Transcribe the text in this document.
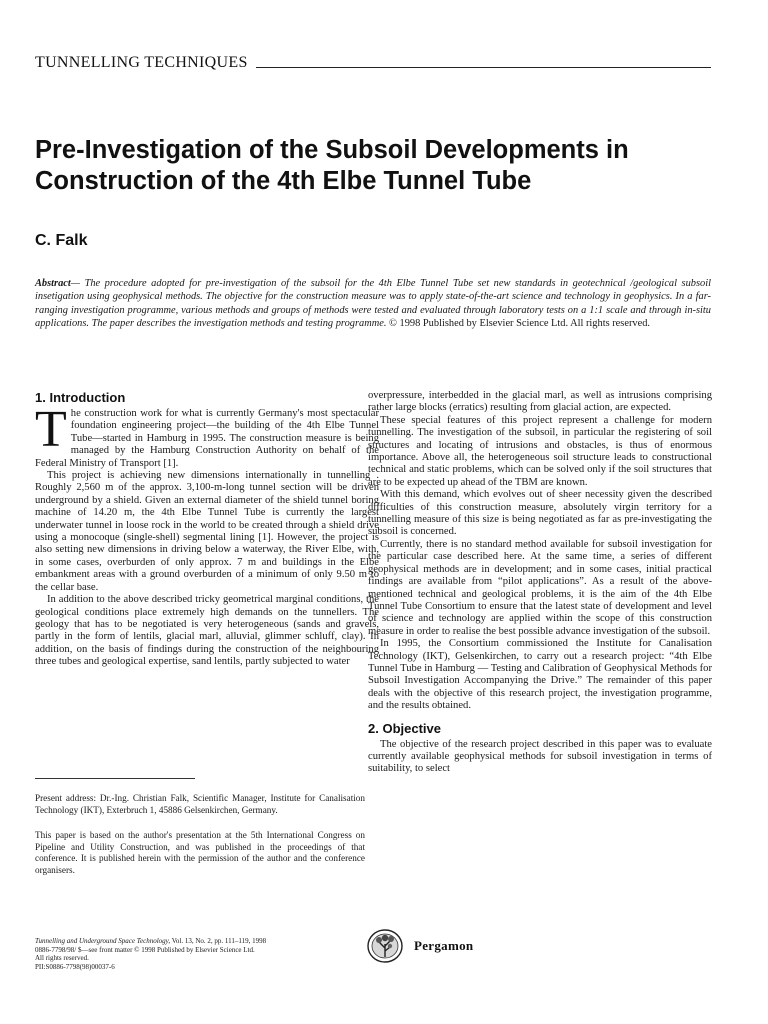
TUNNELLING TECHNIQUES
Pre-Investigation of the Subsoil Developments in Construction of the 4th Elbe Tunnel Tube
C. Falk
Abstract— The procedure adopted for pre-investigation of the subsoil for the 4th Elbe Tunnel Tube set new standards in geotechnical /geological subsoil insetigation using geophysical methods. The objective for the construction measure was to apply state-of-the-art science and technology in geophysics. In a far-ranging investigation programme, various methods and groups of methods were tested and evaluated through laboratory tests on a 1:1 scale and through in-situ applications. The paper describes the investigation methods and testing programme. © 1998 Published by Elsevier Science Ltd. All rights reserved.
1. Introduction

The construction work for what is currently Germany's most spectacular foundation engineering project—the building of the 4th Elbe Tunnel Tube—started in Hamburg in 1995. The construction measure is being managed by the Hamburg Construction Authority on behalf of the Federal Ministry of Transport [1].

This project is achieving new dimensions internationally in tunnelling . Roughly 2,560 m of the approx. 3,100-m-long tunnel section will be driven underground by a shield. Given an external diameter of the shield tunnel boring machine of 14.20 m, the 4th Elbe Tunnel Tube is currently the largest underwater tunnel in loose rock in the world to be created through a shield drive using a monocoque (single-shell) segmental lining [1]. However, the project is also setting new dimensions in driving below a waterway, the River Elbe, with, in some cases, overburden of only approx. 7 m and buildings in the Elbe embankment areas with a ground overburden of a minimum of only 9.50 m to the cellar base.

In addition to the above described tricky geometrical marginal conditions, the geological conditions place extremely high demands on the tunnellers. The geology that has to be negotiated is very heterogeneous (sands and gravels, partly in the form of lentils, glacial marl, alluvial, glimmer schluff, clay). In addition, on the basis of findings during the construction of the neighbouring three tubes and geological expertise, sand lentils, partly subjected to water

Present address: Dr.-Ing. Christian Falk, Scientific Manager, Institute for Canalisation Technology (IKT), Exterbruch 1, 45886 Gelsenkirchen, Germany.

This paper is based on the author's presentation at the 5th International Congress on Pipeline and Utility Construction, and was published in the proceedings of that conference. It is published herein with the permission of the author and the conference organisers.

overpressure, interbedded in the glacial marl, as well as intrusions comprising rather large blocks (erratics) resulting from glacial action, are expected.

These special features of this project represent a challenge for modern tunnelling. The investigation of the subsoil, in particular the registering of soil structures and locating of intrusions and obstacles, is thus of enormous importance. Above all, the heterogeneous soil structure leads to constructional technical and static problems, which can be solved only if the soil structures that are to be expected up ahead of the TBM are known.

With this demand, which evolves out of sheer necessity given the described difficulties of this construction measure, absolutely virgin territory for a tunnelling measure of this size is being negotiated as far as pre-investigating the subsoil is concerned.

Currently, there is no standard method available for subsoil investigation for the particular case described here. At the same time, a series of different geophysical methods are in development; and in some cases, initial practical findings are available from “pilot applications”. As a result of the above-mentioned technical and geological problems, it is the aim of the 4th Elbe Tunnel Tube Consortium to ensure that the latest state of development and level of science and technology are applied within the scope of this construction measure in order to realise the best possible advance investigation of the subsoil.

In 1995, the Consortium commissioned the Institute for Canalisation Technology (IKT), Gelsenkirchen, to carry out a research project: “4th Elbe Tunnel Tube in Hamburg — Testing and Calibration of Geophysical Methods for Subsoil Investigation Accompanying the Drive.” The remainder of this paper deals with the objective of this research project, the investigation programme, and the results obtained.

2. Objective

The objective of the research project described in this paper was to evaluate currently available geophysical methods for subsoil investigation in terms of suitability, to select

Tunnelling and Underground Space Technology, Vol. 13, No. 2, pp. 111–119, 1998
0886-7798/98/ $—see front matter © 1998 Published by Elsevier Science Ltd.
All rights reserved.
PII:S0886-7798(98)00037-6
Pergamon
